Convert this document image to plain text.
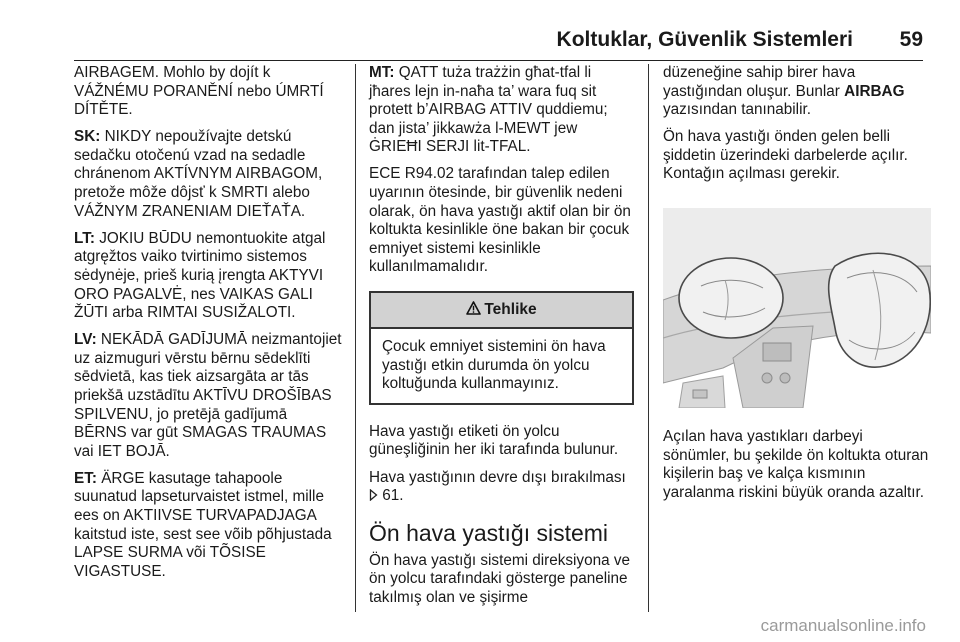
Koltuklar, Güvenlik Sistemleri 59

AIRBAGEM. Mohlo by dojít k VÁŽNÉMU PORANĚNÍ nebo ÚMRTÍ DÍTĚTE.

SK: NIKDY nepoužívajte detskú sedačku otočenú vzad na sedadle chránenom AKTÍVNYM AIRBAGOM, pretože môže dôjsť k SMRTI alebo VÁŽNYM ZRANENIAM DIEŤAŤA.

LT: JOKIU BŪDU nemontuokite atgal atgręžtos vaiko tvirtinimo sistemos sėdynėje, prieš kurią įrengta AKTYVI ORO PAGALVĖ, nes VAIKAS GALI ŽŪTI arba RIMTAI SUSIŽALOTI.

LV: NEKĀDĀ GADĪJUMĀ neizmantojiet uz aizmuguri vērstu bērnu sēdeklīti sēdvietā, kas tiek aizsargāta ar tās priekšā uzstādītu AKTĪVU DROŠĪBAS SPILVENU, jo pretējā gadījumā BĒRNS var gūt SMAGAS TRAUMAS vai IET BOJĀ.

ET: ÄRGE kasutage tahapoole suunatud lapseturvaistet istmel, mille ees on AKTIIVSE TURVAPADJAGA kaitstud iste, sest see võib põhjustada LAPSE SURMA või TÕSISE VIGASTUSE.

MT: QATT tuża trażżin għat-tfal li jħares lejn in-naħa ta’ wara fuq sit protett b’AIRBAG ATTIV quddiemu; dan jista’ jikkawża l-MEWT jew ĠRIEĦI SERJI lit-TFAL.

ECE R94.02 tarafından talep edilen uyarının ötesinde, bir güvenlik nedeni olarak, ön hava yastığı aktif olan bir ön koltukta kesinlikle öne bakan bir çocuk emniyet sistemi kesinlikle kullanılmamalıdır.

Tehlike
Çocuk emniyet sistemini ön hava yastığı etkin durumda ön yolcu koltuğunda kullanmayınız.

Hava yastığı etiketi ön yolcu güneşliğinin her iki tarafında bulunur.

Hava yastığının devre dışı bırakılması  61.

Ön hava yastığı sistemi

Ön hava yastığı sistemi direksiyona ve ön yolcu tarafındaki gösterge paneline takılmış olan ve şişirme

düzeneğine sahip birer hava yastığından oluşur. Bunlar AIRBAG yazısından tanınabilir.

Ön hava yastığı önden gelen belli şiddetin üzerindeki darbelerde açılır. Kontağın açılması gerekir.

Açılan hava yastıkları darbeyi sönümler, bu şekilde ön koltukta oturan kişilerin baş ve kalça kısmının yaralanma riskini büyük oranda azaltır.

carmanualsonline.info
